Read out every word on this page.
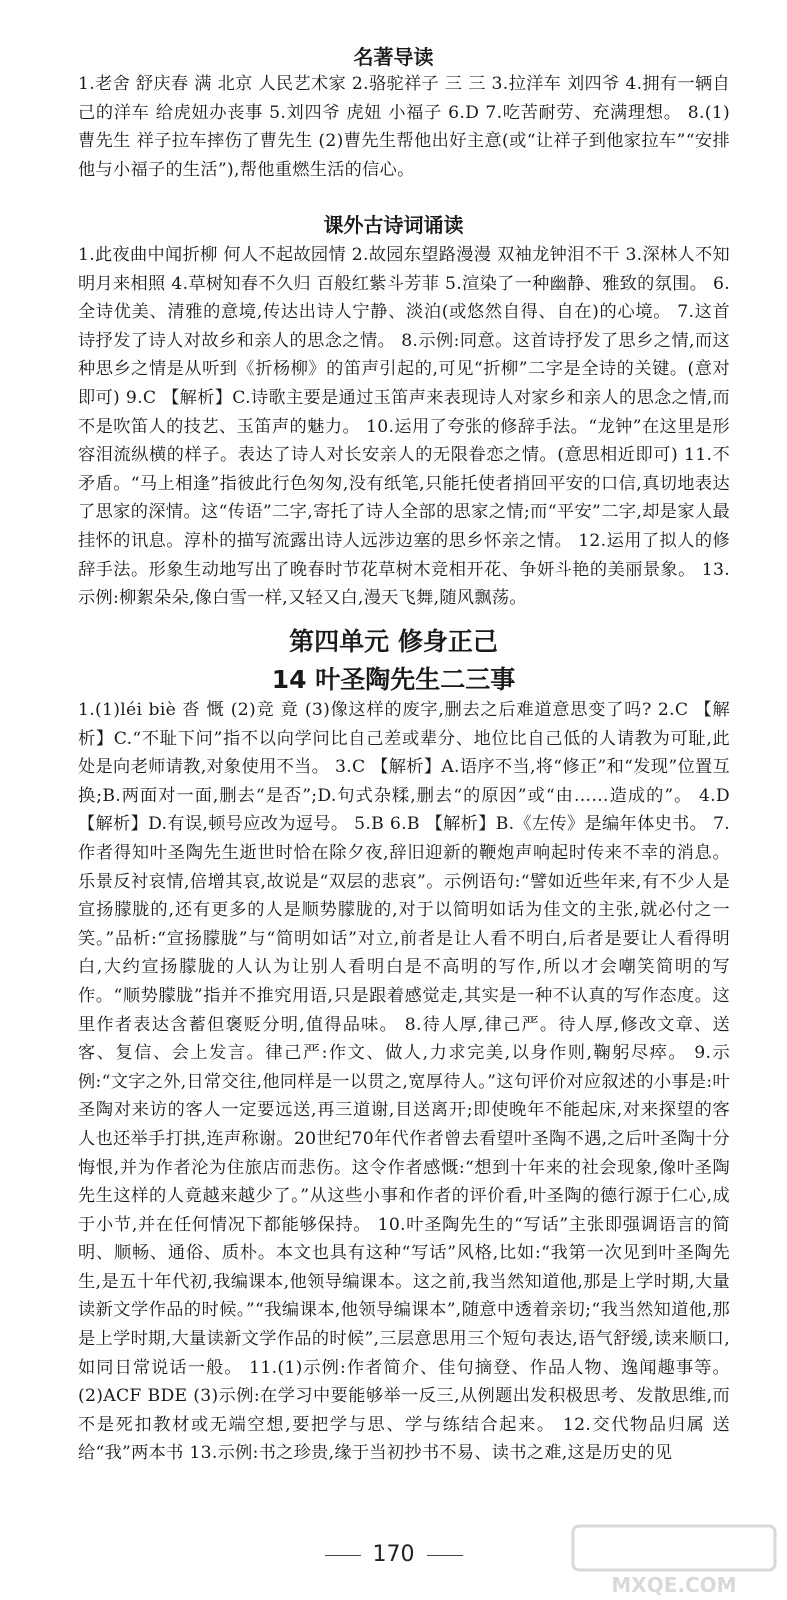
名著导读
1.老舍 舒庆春 满 北京 人民艺术家 2.骆驼祥子 三 三 3.拉洋车 刘四爷 4.拥有一辆自己的洋车 给虎妞办丧事 5.刘四爷 虎妞 小福子 6.D 7.吃苦耐劳、充满理想。 8.(1)曹先生 祥子拉车摔伤了曹先生 (2)曹先生帮他出好主意(或“让祥子到他家拉车”“安排他与小福子的生活”),帮他重燃生活的信心。
课外古诗词诵读
1.此夜曲中闻折柳 何人不起故园情 2.故园东望路漫漫 双袖龙钟泪不干 3.深林人不知 明月来相照 4.草树知春不久归 百般红紫斗芳菲 5.渲染了一种幽静、雅致的氛围。 6.全诗优美、清雅的意境,传达出诗人宁静、淡泊(或悠然自得、自在)的心境。 7.这首诗抒发了诗人对故乡和亲人的思念之情。 8.示例:同意。这首诗抒发了思乡之情,而这种思乡之情是从听到《折杨柳》的笛声引起的,可见“折柳”二字是全诗的关键。(意对即可) 9.C 【解析】C.诗歌主要是通过玉笛声来表现诗人对家乡和亲人的思念之情,而不是吹笛人的技艺、玉笛声的魅力。 10.运用了夸张的修辞手法。“龙钟”在这里是形容泪流纵横的样子。表达了诗人对长安亲人的无限眷恋之情。(意思相近即可) 11.不矛盾。“马上相逢”指彼此行色匆匆,没有纸笔,只能托使者捎回平安的口信,真切地表达了思家的深情。这“传语”二字,寄托了诗人全部的思家之情;而“平安”二字,却是家人最挂怀的讯息。淳朴的描写流露出诗人远涉边塞的思乡怀亲之情。 12.运用了拟人的修辞手法。形象生动地写出了晚春时节花草树木竞相开花、争妍斗艳的美丽景象。 13.示例:柳絮朵朵,像白雪一样,又轻又白,漫天飞舞,随风飘荡。
第四单元 修身正己
14 叶圣陶先生二三事
1.(1)léi biè 沓 慨 (2)竞 竟 (3)像这样的废字,删去之后难道意思变了吗? 2.C 【解析】C.“不耻下问”指不以向学问比自己差或辈分、地位比自己低的人请教为可耻,此处是向老师请教,对象使用不当。 3.C 【解析】A.语序不当,将“修正”和“发现”位置互换;B.两面对一面,删去“是否”;D.句式杂糅,删去“的原因”或“由……造成的”。 4.D 【解析】D.有误,顿号应改为逗号。 5.B 6.B 【解析】B.《左传》是编年体史书。 7.作者得知叶圣陶先生逝世时恰在除夕夜,辞旧迎新的鞭炮声响起时传来不幸的消息。乐景反衬哀情,倍增其哀,故说是“双层的悲哀”。示例语句:“譬如近些年来,有不少人是宣扬朦胧的,还有更多的人是顺势朦胧的,对于以简明如话为佳文的主张,就必付之一笑。”品析:“宣扬朦胧”与“简明如话”对立,前者是让人看不明白,后者是要让人看得明白,大约宣扬朦胧的人认为让别人看明白是不高明的写作,所以才会嘲笑简明的写作。“顺势朦胧”指并不推究用语,只是跟着感觉走,其实是一种不认真的写作态度。这里作者表达含蓄但褒贬分明,值得品味。 8.待人厚,律己严。待人厚,修改文章、送客、复信、会上发言。律己严:作文、做人,力求完美,以身作则,鞠躬尽瘁。 9.示例:“文字之外,日常交往,他同样是一以贯之,宽厚待人。”这句评价对应叙述的小事是:叶圣陶对来访的客人一定要远送,再三道谢,目送离开;即使晚年不能起床,对来探望的客人也还举手打拱,连声称谢。20世纪70年代作者曾去看望叶圣陶不遇,之后叶圣陶十分悔恨,并为作者沦为住旅店而悲伤。这令作者感慨:“想到十年来的社会现象,像叶圣陶先生这样的人竟越来越少了。”从这些小事和作者的评价看,叶圣陶的德行源于仁心,成于小节,并在任何情况下都能够保持。 10.叶圣陶先生的“写话”主张即强调语言的简明、顺畅、通俗、质朴。本文也具有这种“写话”风格,比如:“我第一次见到叶圣陶先生,是五十年代初,我编课本,他领导编课本。这之前,我当然知道他,那是上学时期,大量读新文学作品的时候。”“我编课本,他领导编课本”,随意中透着亲切;“我当然知道他,那是上学时期,大量读新文学作品的时候”,三层意思用三个短句表达,语气舒缓,读来顺口,如同日常说话一般。 11.(1)示例:作者简介、佳句摘登、作品人物、逸闻趣事等。 (2)ACF BDE (3)示例:在学习中要能够举一反三,从例题出发积极思考、发散思维,而不是死扣教材或无端空想,要把学与思、学与练结合起来。 12.交代物品归属 送给“我”两本书 13.示例:书之珍贵,缘于当初抄书不易、读书之难,这是历史的见
170
MXQE.COM
